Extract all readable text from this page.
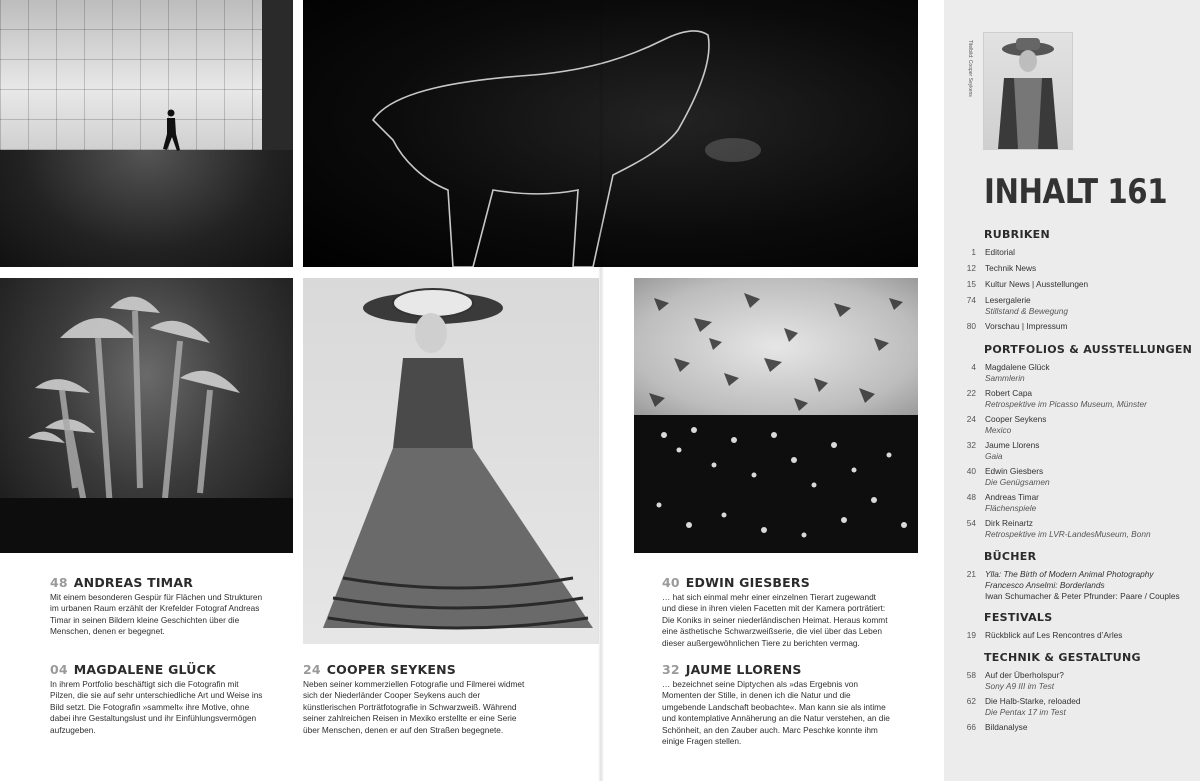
48 ANDREAS TIMAR
Mit einem besonderen Gespür für Flächen und Strukturen im urbanen Raum erzählt der Krefelder Fotograf Andreas Timar in seinen Bildern kleine Geschichten über die Menschen, denen er begegnet.
04 MAGDALENE GLÜCK
In ihrem Portfolio beschäftigt sich die Fotografin mit Pilzen, die sie auf sehr unterschiedliche Art und Weise ins Bild setzt. Die Fotografin »sammelt« ihre Motive, ohne dabei ihre Gestaltungslust und ihr Einfühlungsvermögen aufzugeben.
24 COOPER SEYKENS
Neben seiner kommerziellen Fotografie und Filmerei widmet sich der Niederländer Cooper Seykens auch der künstlerischen Porträtfotografie in Schwarzweiß. Während seiner zahlreichen Reisen in Mexiko erstellte er eine Serie über Menschen, denen er auf den Straßen begegnete.
40 EDWIN GIESBERS
… hat sich einmal mehr einer einzelnen Tierart zugewandt und diese in ihren vielen Facetten mit der Kamera porträtiert: Die Koniks in seiner niederländischen Heimat. Heraus kommt eine ästhetische Schwarzweißserie, die viel über das Leben dieser außergewöhnlichen Tiere zu berichten vermag.
32 JAUME LLORENS
… bezeichnet seine Diptychen als »das Ergebnis von Momenten der Stille, in denen ich die Natur und die umgebende Landschaft beobachte«. Man kann sie als intime und kontemplative Annäherung an die Natur verstehen, an die Schönheit, an den Zauber auch. Marc Peschke konnte ihm einige Fragen stellen.
Titelbild: Cooper Seykens
INHALT 161
RUBRIKEN
1 Editorial
12 Technik News
15 Kultur News | Ausstellungen
74 Lesergalerie
Stillstand & Bewegung
80 Vorschau | Impressum
PORTFOLIOS & AUSSTELLUNGEN
4 Magdalene Glück
Sammlerin
22 Robert Capa
Retrospektive im Picasso Museum, Münster
24 Cooper Seykens
Mexico
32 Jaume Llorens
Gaia
40 Edwin Giesbers
Die Genügsamen
48 Andreas Timar
Flächenspiele
54 Dirk Reinartz
Retrospektive im LVR-LandesMuseum, Bonn
BÜCHER
21 Ylla: The Birth of Modern Animal Photography
Francesco Anselmi: Borderlands
Iwan Schumacher & Peter Pfrunder: Paare / Couples
FESTIVALS
19 Rückblick auf Les Rencontres d’Arles
TECHNIK & GESTALTUNG
58 Auf der Überholspur?
Sony A9 III im Test
62 Die Halb-Starke, reloaded
Die Pentax 17 im Test
66 Bildanalyse
